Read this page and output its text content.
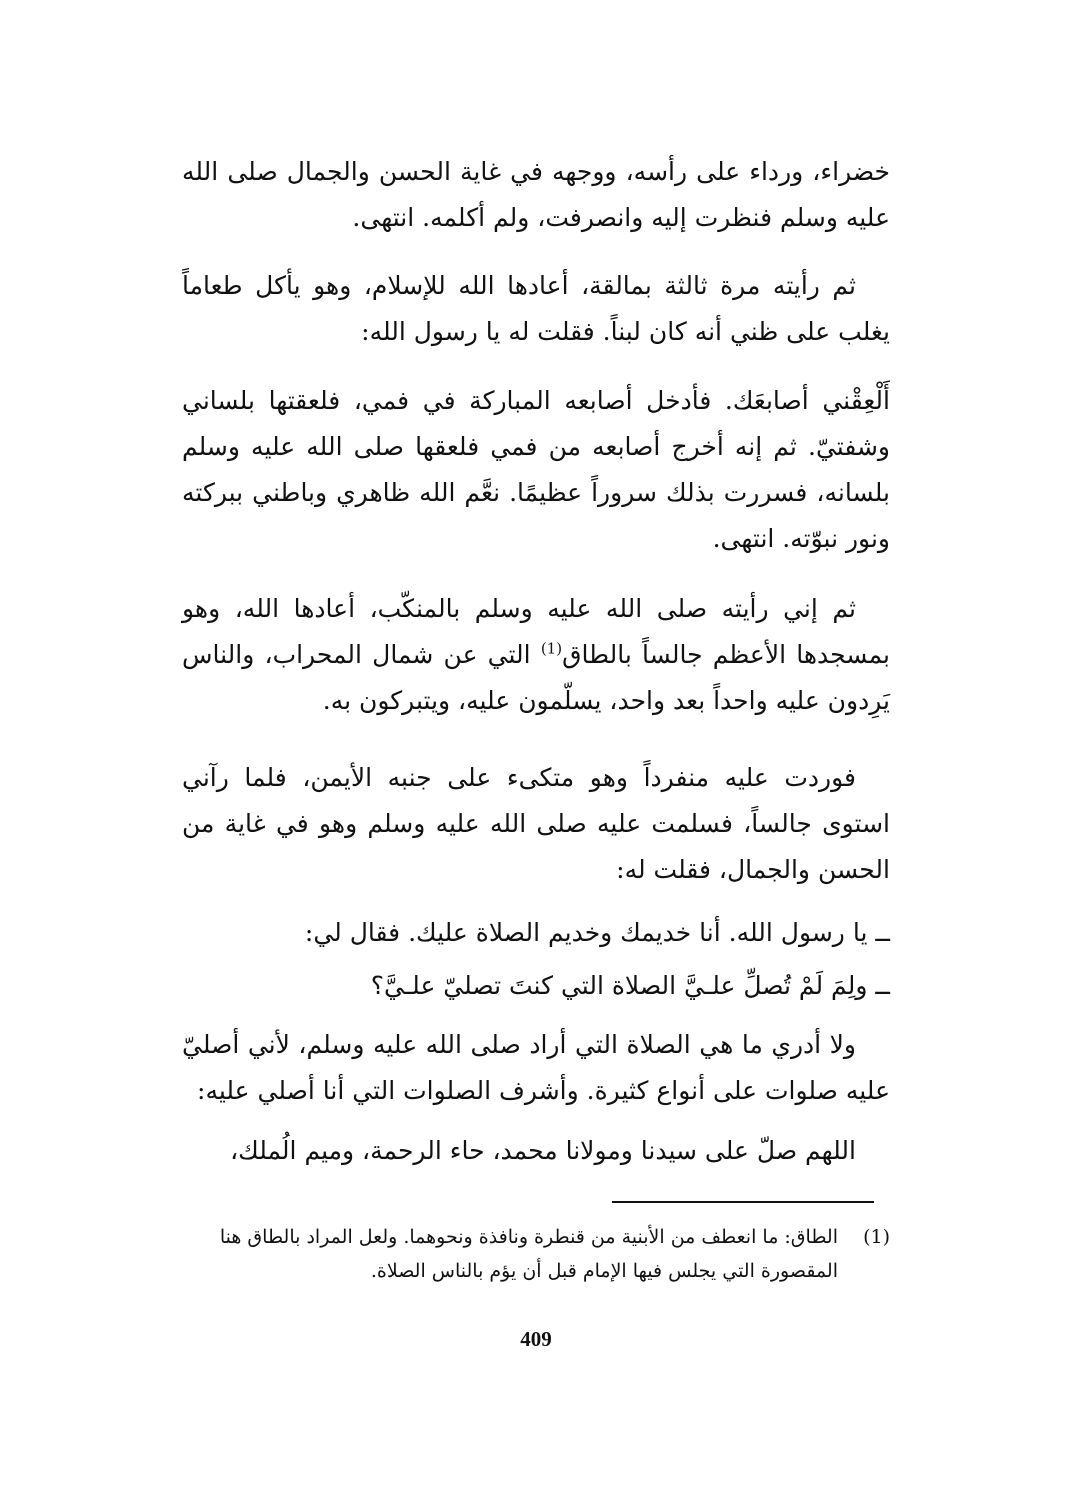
خضراء، ورداء على رأسه، ووجهه في غاية الحسن والجمال صلى الله عليه وسلم فنظرت إليه وانصرفت، ولم أكلمه. انتهى.

ثم رأيته مرة ثالثة بمالقة، أعادها الله للإسلام، وهو يأكل طعاماً يغلب على ظني أنه كان لبناً. فقلت له يا رسول الله:

أَلْعِقْني أصابعَك. فأدخل أصابعه المباركة في فمي، فلعقتها بلساني وشفتيّ. ثم إنه أخرج أصابعه من فمي فلعقها صلى الله عليه وسلم بلسانه، فسررت بذلك سروراً عظيمًا. نعَّم الله ظاهري وباطني ببركته ونور نبوّته. انتهى.

ثم إني رأيته صلى الله عليه وسلم بالمنكّب، أعادها الله، وهو بمسجدها الأعظم جالساً بالطاق$^{(1)}$ التي عن شمال المحراب، والناس يَرِدون عليه واحداً بعد واحد، يسلّمون عليه، ويتبركون به.

فوردت عليه منفرداً وهو متكىء على جنبه الأيمن، فلما رآني استوى جالساً، فسلمت عليه صلى الله عليه وسلم وهو في غاية من الحسن والجمال، فقلت له:

ــ يا رسول الله. أنا خديمك وخديم الصلاة عليك. فقال لي:

ــ ولِمَ لَمْ تُصلِّ علـيَّ الصلاة التي كنتَ تصليّ علـيَّ؟

ولا أدري ما هي الصلاة التي أراد صلى الله عليه وسلم، لأني أصليّ عليه صلوات على أنواع كثيرة. وأشرف الصلوات التي أنا أصلي عليه:

اللهم صلّ على سيدنا ومولانا محمد، حاء الرحمة، وميم الُملك،

(1)الطاق: ما انعطف من الأبنية من قنطرة ونافذة ونحوهما. ولعل المراد بالطاق هنا
المقصورة التي يجلس فيها الإمام قبل أن يؤم بالناس الصلاة.
409
